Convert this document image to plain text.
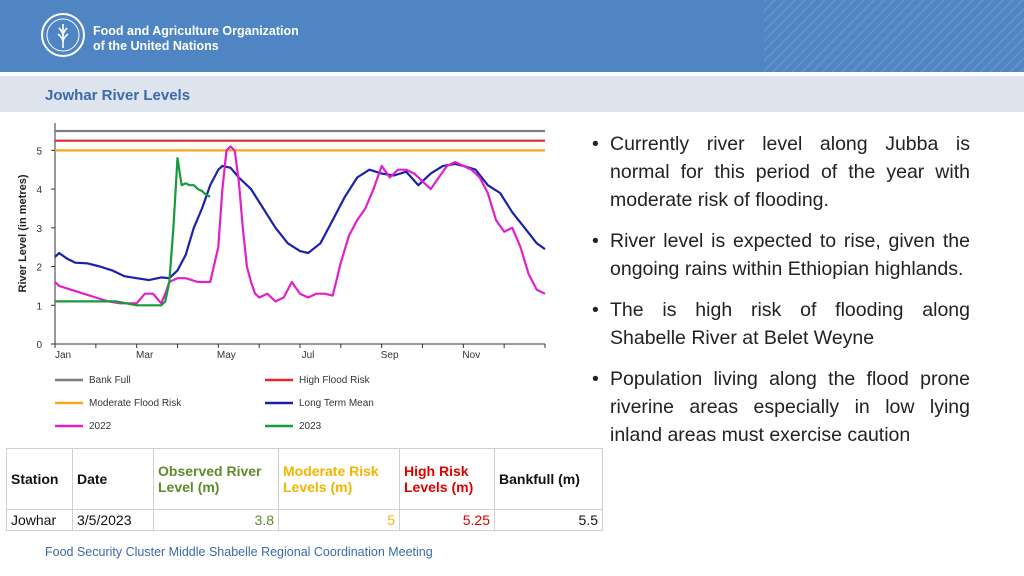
Food and Agriculture Organization
of the United Nations
Jowhar River Levels
0
1
2
3
4
5
Jan	Mar	May	Jul	Sep	Nov
River Level (in metres)
Bank Full	High Flood Risk
Moderate Flood Risk	Long Term Mean
2022	2023
• Currently river level along Jubba is normal for this period of the year with moderate risk of flooding.
• River level is expected to rise, given the ongoing rains within Ethiopian highlands.
• The is high risk of flooding along Shabelle River at Belet Weyne
• Population living along the flood prone riverine areas especially in low lying inland areas must exercise caution
Station	Date	Observed River Level (m)	Moderate Risk Levels (m)	High Risk Levels (m)	Bankfull (m)
Jowhar	3/5/2023	3.8	5	5.25	5.5
Food Security Cluster Middle Shabelle Regional Coordination Meeting
